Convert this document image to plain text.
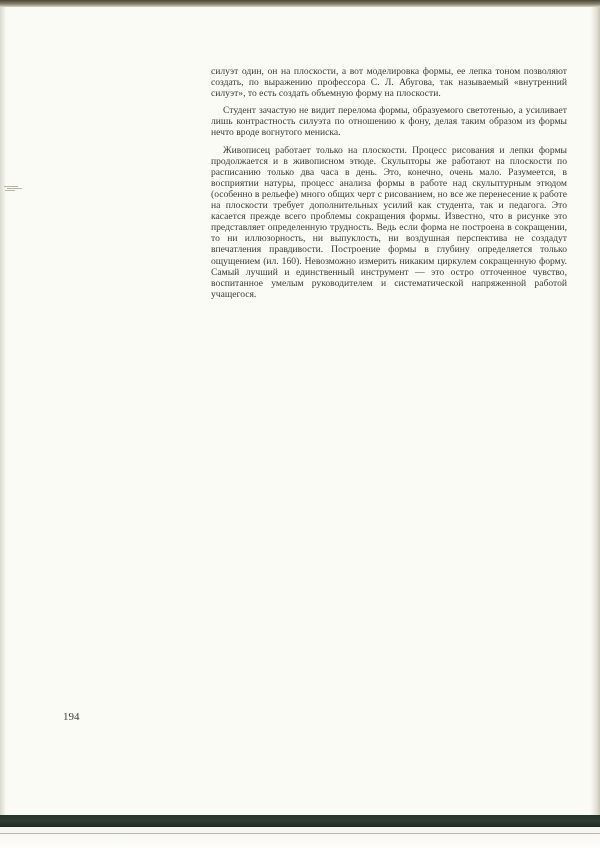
силуэт один, он на плоскости, а вот моделировка формы, ее лепка тоном позволяют создать, по выражению профессора С. Л. Абугова, так называемый «внутренний силуэт», то есть создать объемную форму на плоскости.

Студент зачастую не видит перелома формы, образуемого светотенью, а усиливает лишь контрастность силуэта по отношению к фону, делая таким образом из формы нечто вроде вогнутого мениска.

Живописец работает только на плоскости. Процесс рисования и лепки формы продолжается и в живописном этюде. Скульпторы же работают на плоскости по расписанию только два часа в день. Это, конечно, очень мало. Разумеется, в восприятии натуры, процесс анализа формы в работе над скульптурным этюдом (особенно в рельефе) много общих черт с рисованием, но все же перенесение к работе на плоскости требует дополнительных усилий как студента, так и педагога. Это касается прежде всего проблемы сокращения формы. Известно, что в рисунке это представляет определенную трудность. Ведь если форма не построена в сокращении, то ни иллюзорность, ни выпуклость, ни воздушная перспектива не создадут впечатления правдивости. Построение формы в глубину определяется только ощущением (ил. 160). Невозможно измерить никаким циркулем сокращенную форму. Самый лучший и единственный инструмент — это остро отточенное чувство, воспитанное умелым руководителем и систематической напряженной работой учащегося.

194
